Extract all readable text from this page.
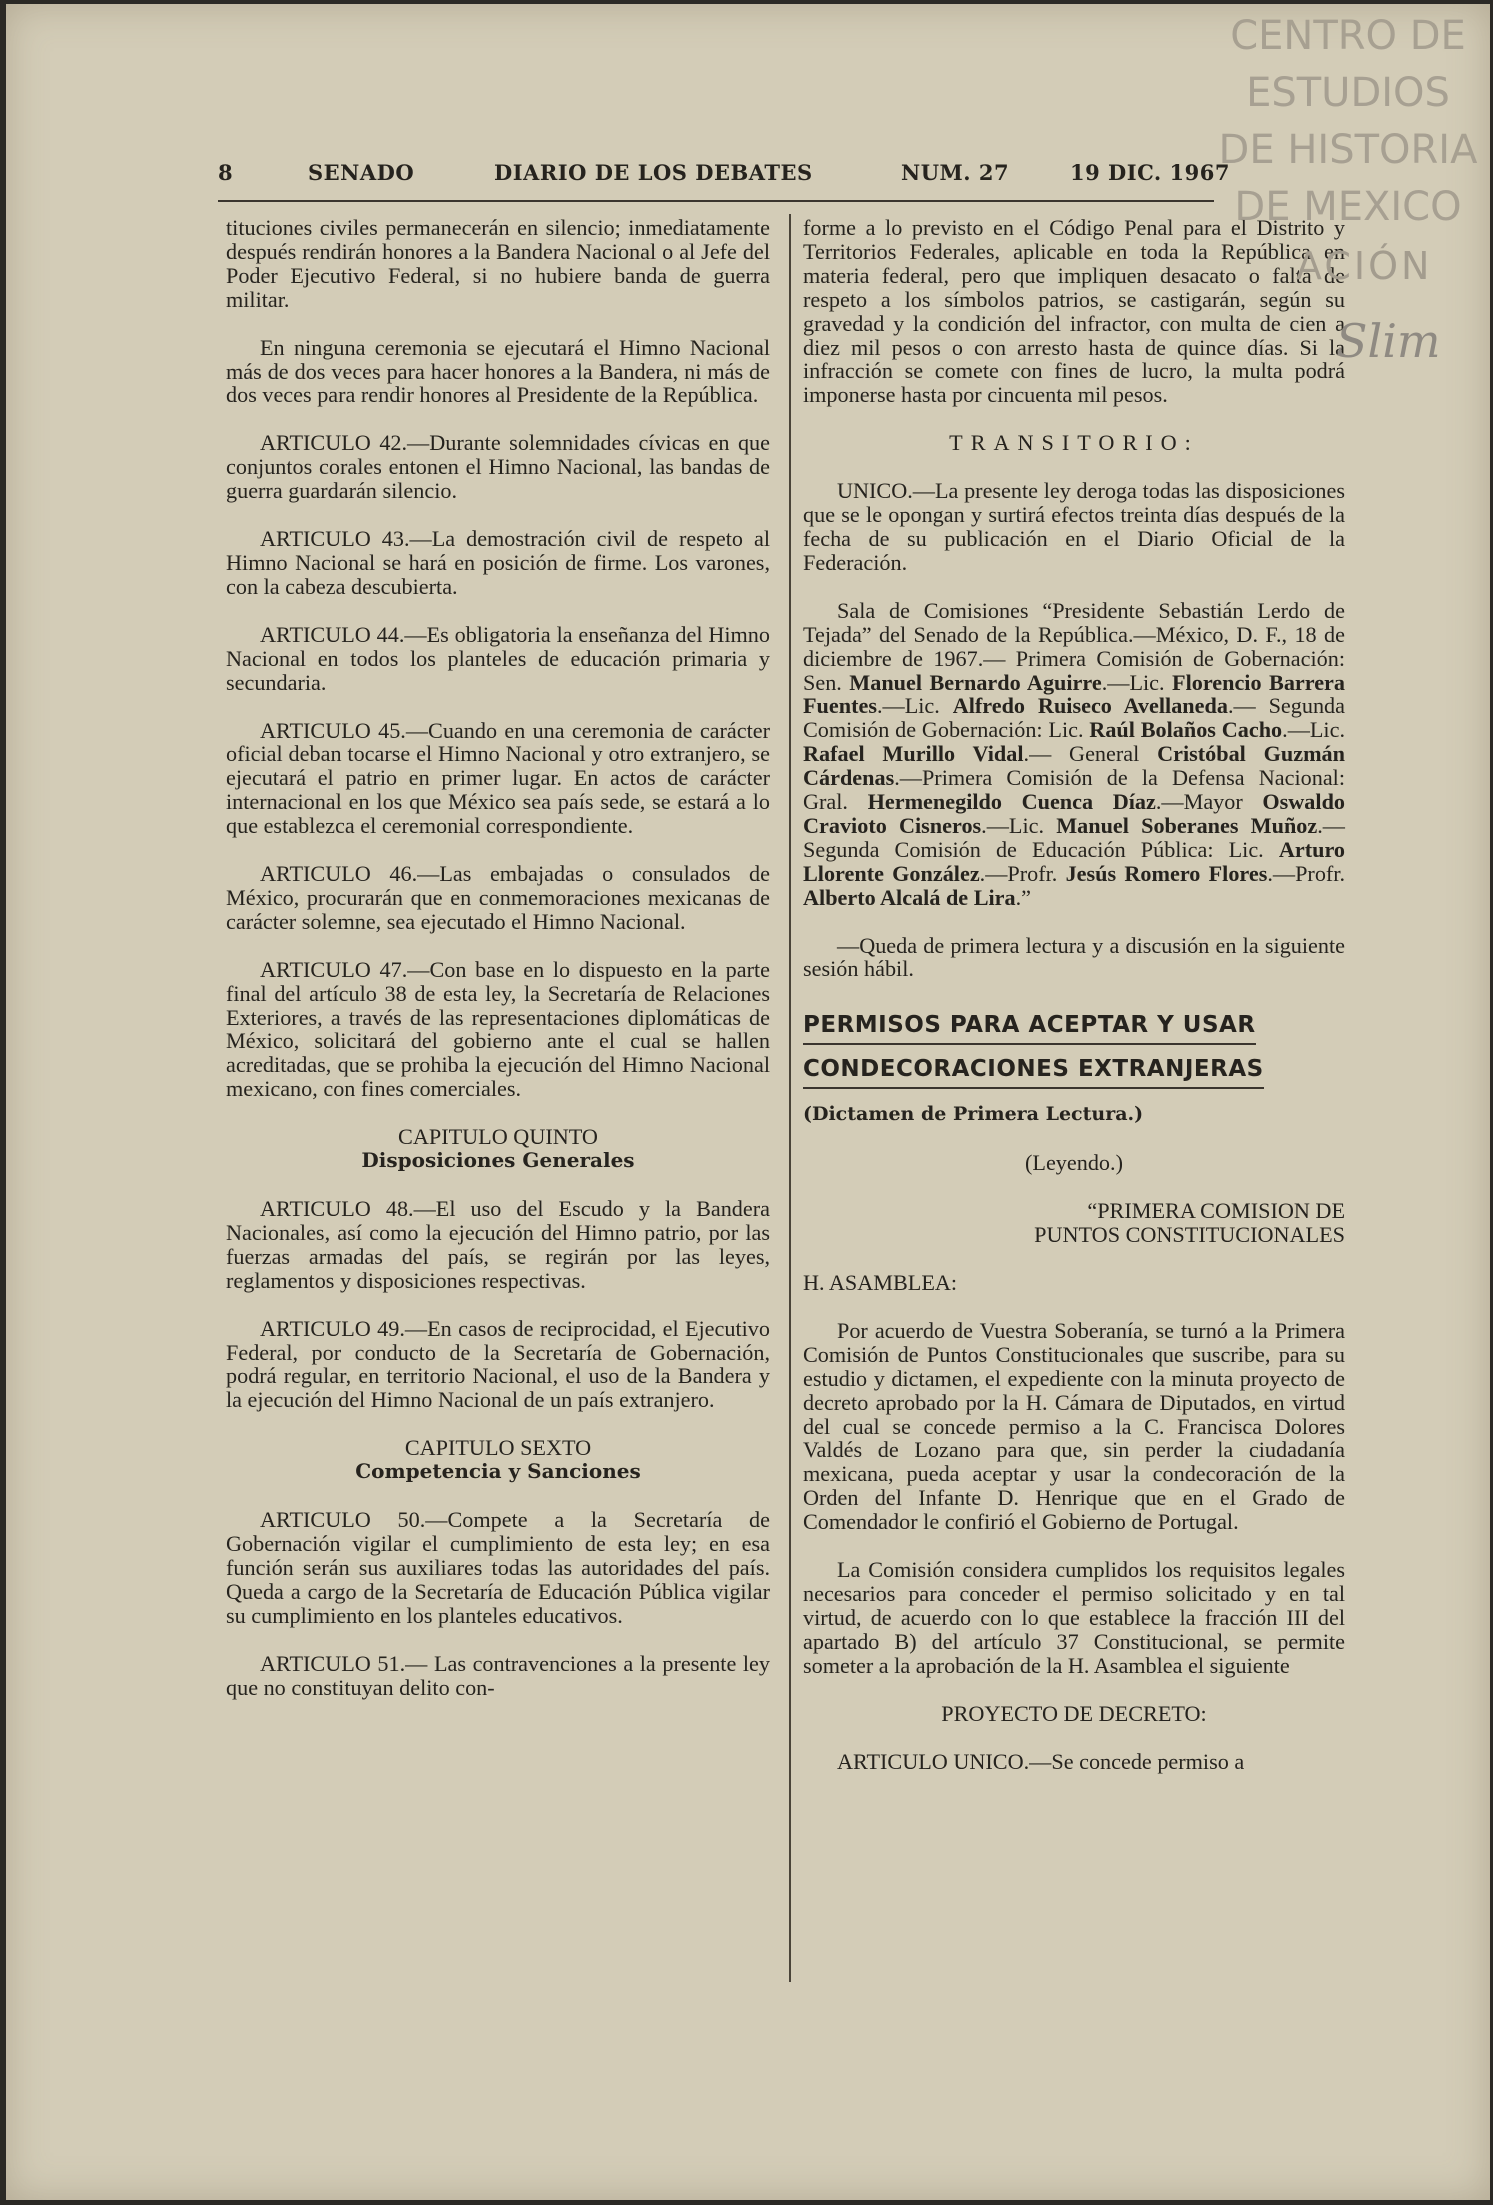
CENTRO DE
ESTUDIOS
DE HISTORIA
DE MEXICO
ACIÓN
Slim
8	SENADO	DIARIO DE LOS DEBATES	NUM. 27	19 DIC. 1967

tituciones civiles permanecerán en silencio; inmediatamente después rendirán honores a la Bandera Nacional o al Jefe del Poder Ejecutivo Federal, si no hubiere banda de guerra militar.

En ninguna ceremonia se ejecutará el Himno Nacional más de dos veces para hacer honores a la Bandera, ni más de dos veces para rendir honores al Presidente de la República.

ARTICULO 42.—Durante solemnidades cívicas en que conjuntos corales entonen el Himno Nacional, las bandas de guerra guardarán silencio.

ARTICULO 43.—La demostración civil de respeto al Himno Nacional se hará en posición de firme. Los varones, con la cabeza descubierta.

ARTICULO 44.—Es obligatoria la enseñanza del Himno Nacional en todos los planteles de educación primaria y secundaria.

ARTICULO 45.—Cuando en una ceremonia de carácter oficial deban tocarse el Himno Nacional y otro extranjero, se ejecutará el patrio en primer lugar. En actos de carácter internacional en los que México sea país sede, se estará a lo que establezca el ceremonial correspondiente.

ARTICULO 46.—Las embajadas o consulados de México, procurarán que en conmemoraciones mexicanas de carácter solemne, sea ejecutado el Himno Nacional.

ARTICULO 47.—Con base en lo dispuesto en la parte final del artículo 38 de esta ley, la Secretaría de Relaciones Exteriores, a través de las representaciones diplomáticas de México, solicitará del gobierno ante el cual se hallen acreditadas, que se prohiba la ejecución del Himno Nacional mexicano, con fines comerciales.

CAPITULO QUINTO

Disposiciones Generales

ARTICULO 48.—El uso del Escudo y la Bandera Nacionales, así como la ejecución del Himno patrio, por las fuerzas armadas del país, se regirán por las leyes, reglamentos y disposiciones respectivas.

ARTICULO 49.—En casos de reciprocidad, el Ejecutivo Federal, por conducto de la Secretaría de Gobernación, podrá regular, en territorio Nacional, el uso de la Bandera y la ejecución del Himno Nacional de un país extranjero.

CAPITULO SEXTO

Competencia y Sanciones

ARTICULO 50.—Compete a la Secretaría de Gobernación vigilar el cumplimiento de esta ley; en esa función serán sus auxiliares todas las autoridades del país. Queda a cargo de la Secretaría de Educación Pública vigilar su cumplimiento en los planteles educativos.

ARTICULO 51.— Las contravenciones a la presente ley que no constituyan delito con-

forme a lo previsto en el Código Penal para el Distrito y Territorios Federales, aplicable en toda la República en materia federal, pero que impliquen desacato o falta de respeto a los símbolos patrios, se castigarán, según su gravedad y la condición del infractor, con multa de cien a diez mil pesos o con arresto hasta de quince días. Si la infracción se comete con fines de lucro, la multa podrá imponerse hasta por cincuenta mil pesos.

TRANSITORIO:

UNICO.—La presente ley deroga todas las disposiciones que se le opongan y surtirá efectos treinta días después de la fecha de su publicación en el Diario Oficial de la Federación.

Sala de Comisiones “Presidente Sebastián Lerdo de Tejada” del Senado de la República.—México, D. F., 18 de diciembre de 1967.— Primera Comisión de Gobernación: Sen. Manuel Bernardo Aguirre.—Lic. Florencio Barrera Fuentes.—Lic. Alfredo Ruiseco Avellaneda.— Segunda Comisión de Gobernación: Lic. Raúl Bolaños Cacho.—Lic. Rafael Murillo Vidal.— General Cristóbal Guzmán Cárdenas.—Primera Comisión de la Defensa Nacional: Gral. Hermenegildo Cuenca Díaz.—Mayor Oswaldo Cravioto Cisneros.—Lic. Manuel Soberanes Muñoz.— Segunda Comisión de Educación Pública: Lic. Arturo Llorente González.—Profr. Jesús Romero Flores.—Profr. Alberto Alcalá de Lira.”

—Queda de primera lectura y a discusión en la siguiente sesión hábil.

PERMISOS PARA ACEPTAR Y USAR

CONDECORACIONES EXTRANJERAS

(Dictamen de Primera Lectura.)

(Leyendo.)

“PRIMERA COMISION DE

PUNTOS CONSTITUCIONALES

H. ASAMBLEA:

Por acuerdo de Vuestra Soberanía, se turnó a la Primera Comisión de Puntos Constitucionales que suscribe, para su estudio y dictamen, el expediente con la minuta proyecto de decreto aprobado por la H. Cámara de Diputados, en virtud del cual se concede permiso a la C. Francisca Dolores Valdés de Lozano para que, sin perder la ciudadanía mexicana, pueda aceptar y usar la condecoración de la Orden del Infante D. Henrique que en el Grado de Comendador le confirió el Gobierno de Portugal.

La Comisión considera cumplidos los requisitos legales necesarios para conceder el permiso solicitado y en tal virtud, de acuerdo con lo que establece la fracción III del apartado B) del artículo 37 Constitucional, se permite someter a la aprobación de la H. Asamblea el siguiente

PROYECTO DE DECRETO:

ARTICULO UNICO.—Se concede permiso a
